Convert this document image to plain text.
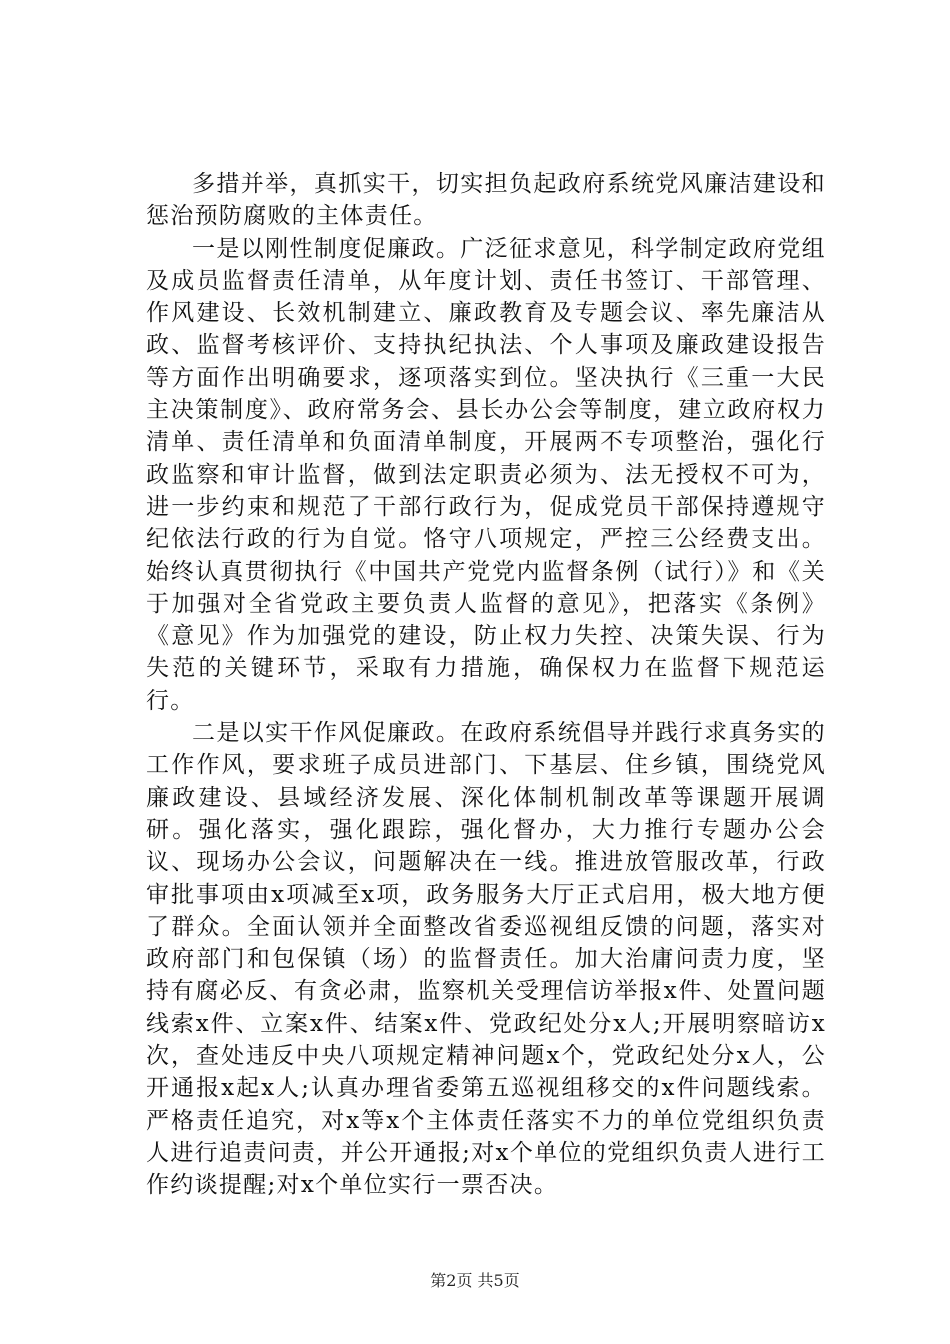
多措并举，真抓实干，切实担负起政府系统党风廉洁建设和惩治预防腐败的主体责任。

一是以刚性制度促廉政。广泛征求意见，科学制定政府党组及成员监督责任清单，从年度计划、责任书签订、干部管理、作风建设、长效机制建立、廉政教育及专题会议、率先廉洁从政、监督考核评价、支持执纪执法、个人事项及廉政建设报告等方面作出明确要求，逐项落实到位。坚决执行《三重一大民主决策制度》、政府常务会、县长办公会等制度，建立政府权力清单、责任清单和负面清单制度，开展两不专项整治，强化行政监察和审计监督，做到法定职责必须为、法无授权不可为，进一步约束和规范了干部行政行为，促成党员干部保持遵规守纪依法行政的行为自觉。恪守八项规定，严控三公经费支出。始终认真贯彻执行《中国共产党党内监督条例（试行）》和《关于加强对全省党政主要负责人监督的意见》，把落实《条例》《意见》作为加强党的建设，防止权力失控、决策失误、行为失范的关键环节，采取有力措施，确保权力在监督下规范运行。

二是以实干作风促廉政。在政府系统倡导并践行求真务实的工作作风，要求班子成员进部门、下基层、住乡镇，围绕党风廉政建设、县域经济发展、深化体制机制改革等课题开展调研。强化落实，强化跟踪，强化督办，大力推行专题办公会议、现场办公会议，问题解决在一线。推进放管服改革，行政审批事项由x项减至x项，政务服务大厅正式启用，极大地方便了群众。全面认领并全面整改省委巡视组反馈的问题，落实对政府部门和包保镇（场）的监督责任。加大治庸问责力度，坚持有腐必反、有贪必肃，监察机关受理信访举报x件、处置问题线索x件、立案x件、结案x件、党政纪处分x人;开展明察暗访x次，查处违反中央八项规定精神问题x个，党政纪处分x人，公开通报x起x人;认真办理省委第五巡视组移交的x件问题线索。严格责任追究，对x等x个主体责任落实不力的单位党组织负责人进行追责问责，并公开通报;对x个单位的党组织负责人进行工作约谈提醒;对x个单位实行一票否决。

第2页 共5页
